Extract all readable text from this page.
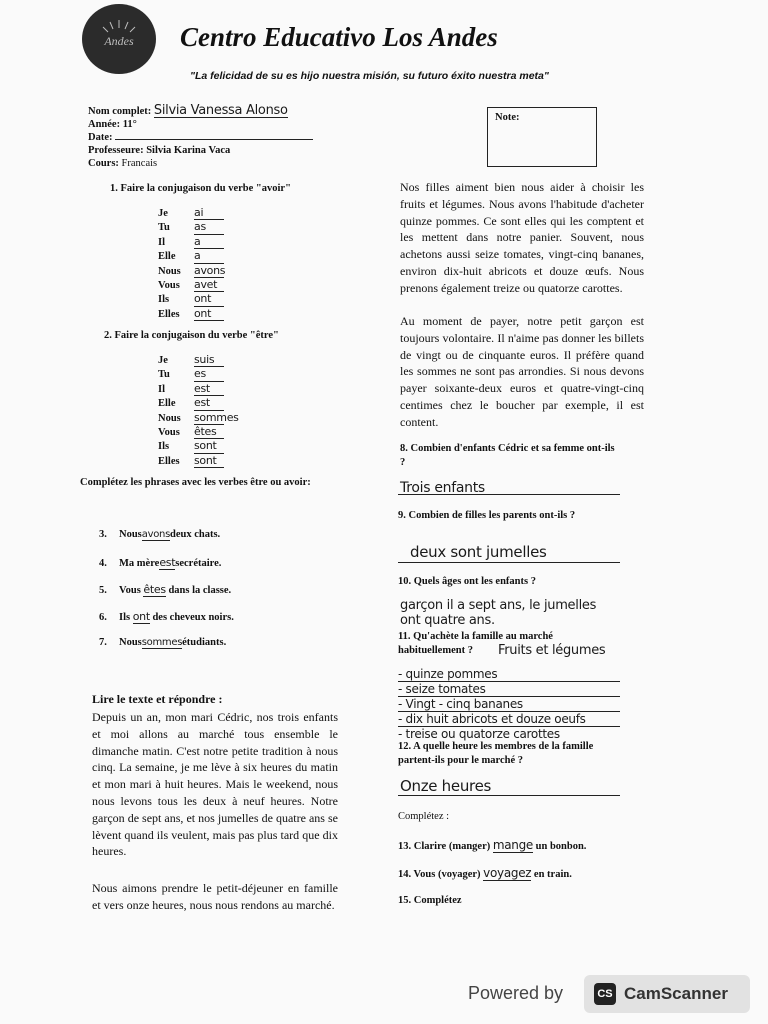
Andes	Centro Educativo Los Andes
"La felicidad de su es hijo nuestra misión, su futuro éxito nuestra meta"
Nom complet: Silvia Vanessa Alonso
Année: 11°
Date:
Professeure: Silvia Karina Vaca
Cours: Francais
Note:
1. Faire la conjugaison du verbe "avoir"
Je ai
Tu as
Il	a
Elle a
Nous avons
Vous avet
Ils ont
Elles ont
2. Faire la conjugaison du verbe "être"
Je suis
Tu es
Il	est
Elle est
Nous sommes
Vous êtes
Ils sont
Elles sont
Complétez les phrases avec les verbes être ou avoir:
3. Nousavonsdeux chats.
4. Ma mèreestsecrétaire.
5. Vous êtes dans la classe.
6. Ils ont des cheveux noirs.
7. Noussommesétudiants.
Lire le texte et répondre :
Depuis un an, mon mari Cédric, nos trois enfants et moi allons au marché tous ensemble le dimanche matin. C'est notre petite tradition à nous cinq. La semaine, je me lève à six heures du matin et mon mari à huit heures. Mais le weekend, nous nous levons tous les deux à neuf heures. Notre garçon de sept ans, et nos jumelles de quatre ans se lèvent quand ils veulent, mais pas plus tard que dix heures.
Nous aimons prendre le petit-déjeuner en famille et vers onze heures, nous nous rendons au marché.
Nos filles aiment bien nous aider à choisir les fruits et légumes. Nous avons l'habitude d'acheter quinze pommes. Ce sont elles qui les comptent et les mettent dans notre panier. Souvent, nous achetons aussi seize tomates, vingt-cinq bananes, environ dix-huit abricots et douze œufs. Nous prenons également treize ou quatorze carottes.
Au moment de payer, notre petit garçon est toujours volontaire. Il n'aime pas donner les billets de vingt ou de cinquante euros. Il préfère quand les sommes ne sont pas arrondies. Si nous devons payer soixante-deux euros et quatre-vingt-cinq centimes chez le boucher par exemple, il est content.
8. Combien d'enfants Cédric et sa femme ont-ils ?
Trois enfants
9. Combien de filles les parents ont-ils ?
deux sont jumelles
10. Quels âges ont les enfants ?
garçon il a sept ans, le jumelles
ont quatre ans.
11. Qu'achète la famille au marché habituellement ?	Fruits et légumes
- quinze pommes
- seize tomates
- Vingt - cinq bananes
- dix huit abricots et douze oeufs
- treise ou quatorze carottes
12. A quelle heure les membres de la famille partent-ils pour le marché ?
Onze heures
Complétez :
13. Clarire (manger) mange un bonbon.
14. Vous (voyager) voyagez en train.
15. Complétez
Powered by	CS CamScanner
